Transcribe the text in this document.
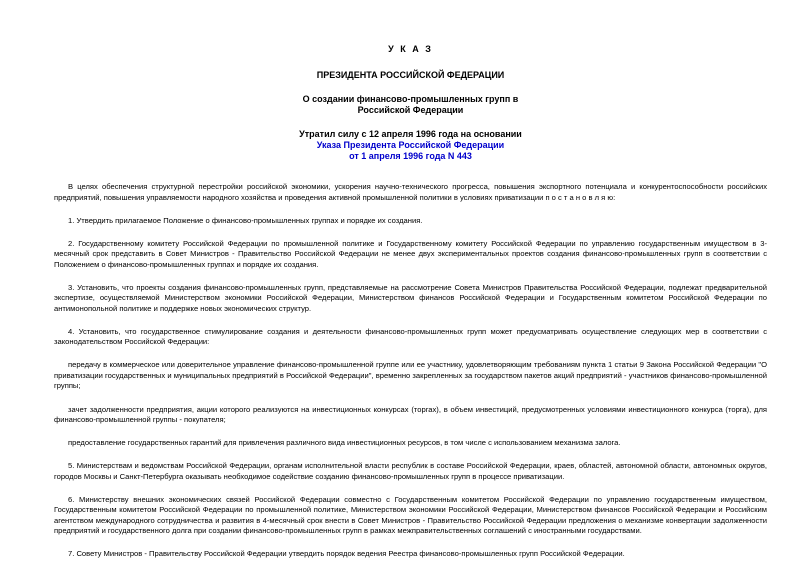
У К А З
ПРЕЗИДЕНТА РОССИЙСКОЙ ФЕДЕРАЦИИ
О создании финансово-промышленных групп в
Российской Федерации
Утратил силу с 12 апреля 1996 года на основании
Указа Президента Российской Федерации
от 1 апреля 1996 года N 443

В целях обеспечения структурной перестройки российской экономики, ускорения научно-технического прогресса, повышения экспортного потенциала и конкурентоспособности российских предприятий, повышения управляемости народного хозяйства и проведения активной промышленной политики в условиях приватизации п о с т а н о в л я ю:

1. Утвердить прилагаемое Положение о финансово-промышленных группах и порядке их создания.

2. Государственному комитету Российской Федерации по промышленной политике и Государственному комитету Российской Федерации по управлению государственным имуществом в 3-месячный срок представить в Совет Министров - Правительство Российской Федерации не менее двух экспериментальных проектов создания финансово-промышленных групп в соответствии с Положением о финансово-промышленных группах и порядке их создания.

3. Установить, что проекты создания финансово-промышленных групп, представляемые на рассмотрение Совета Министров Правительства Российской Федерации, подлежат предварительной экспертизе, осуществляемой Министерством экономики Российской Федерации, Министерством финансов Российской Федерации и Государственным комитетом Российской Федерации по антимонопольной политике и поддержке новых экономических структур.

4. Установить, что государственное стимулирование создания и деятельности финансово-промышленных групп может предусматривать осуществление следующих мер в соответствии с законодательством Российской Федерации:

передачу в коммерческое или доверительное управление финансово-промышленной группе или ее участнику, удовлетворяющим требованиям пункта 1 статьи 9 Закона Российской Федерации "О приватизации государственных и муниципальных предприятий в Российской Федерации", временно закрепленных за государством пакетов акций предприятий - участников финансово-промышленной группы;

зачет задолженности предприятия, акции которого реализуются на инвестиционных конкурсах (торгах), в объем инвестиций, предусмотренных условиями инвестиционного конкурса (торга), для финансово-промышленной группы - покупателя;

предоставление государственных гарантий для привлечения различного вида инвестиционных ресурсов, в том числе с использованием механизма залога.

5. Министерствам и ведомствам Российской Федерации, органам исполнительной власти республик в составе Российской Федерации, краев, областей, автономной области, автономных округов, городов Москвы и Санкт-Петербурга оказывать необходимое содействие созданию финансово-промышленных групп в процессе приватизации.

6. Министерству внешних экономических связей Российской Федерации совместно с Государственным комитетом Российской Федерации по управлению государственным имуществом, Государственным комитетом Российской Федерации по промышленной политике, Министерством экономики Российской Федерации, Министерством финансов Российской Федерации и Российским агентством международного сотрудничества и развития в 4-месячный срок внести в Совет Министров - Правительство Российской Федерации предложения о механизме конвертации задолженности предприятий и государственного долга при создании финансово-промышленных групп в рамках межправительственных соглашений с иностранными государствами.

7. Совету Министров - Правительству Российской Федерации утвердить порядок ведения Реестра финансово-промышленных групп Российской Федерации.
